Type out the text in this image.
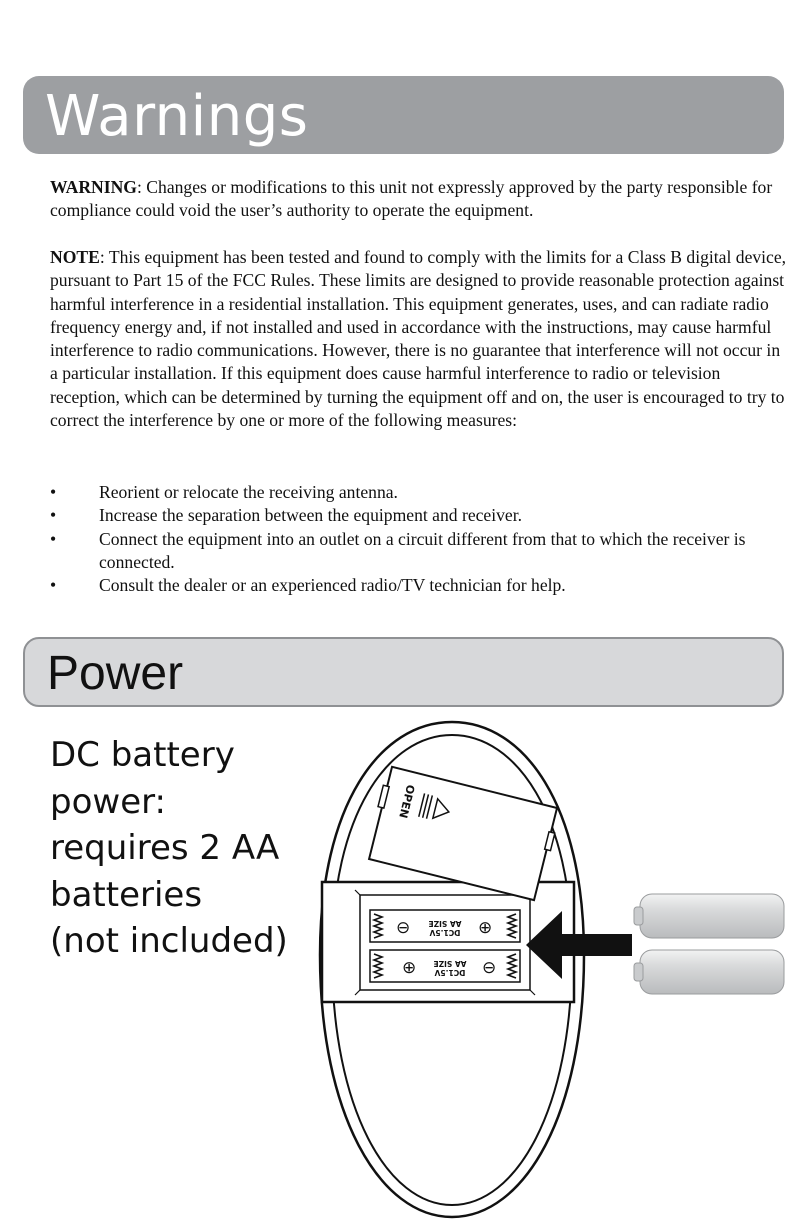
Warnings
WARNING: Changes or modifications to this unit not expressly approved by the party responsible for compliance could void the user’s authority to operate the equipment.
NOTE: This equipment has been tested and found to comply with the limits for a Class B digital device, pursuant to Part 15 of the FCC Rules. These limits are designed to provide reasonable protection against harmful interference in a residential installation. This equipment generates, uses, and can radiate radio frequency energy and, if not installed and used in accordance with the instructions, may cause harmful interference to radio communications. However, there is no guarantee that interference will not occur in a particular installation. If this equipment does cause harmful interference to radio or television reception, which can be determined by turning the equipment off and on, the user is encouraged to try to correct the interference by one or more of the following measures:
• Reorient or relocate the receiving antenna.
• Increase the separation between the equipment and receiver.
• Connect the equipment into an outlet on a circuit different from that to which the receiver is connected.
• Consult the dealer or an experienced radio/TV technician for help.
Power
DC battery
power:
requires 2 AA
batteries
(not included)	⊖	⊕
DC1.5V
AA SIZE
⊕	⊖
DC1.5V
AA SIZE
OPEN
